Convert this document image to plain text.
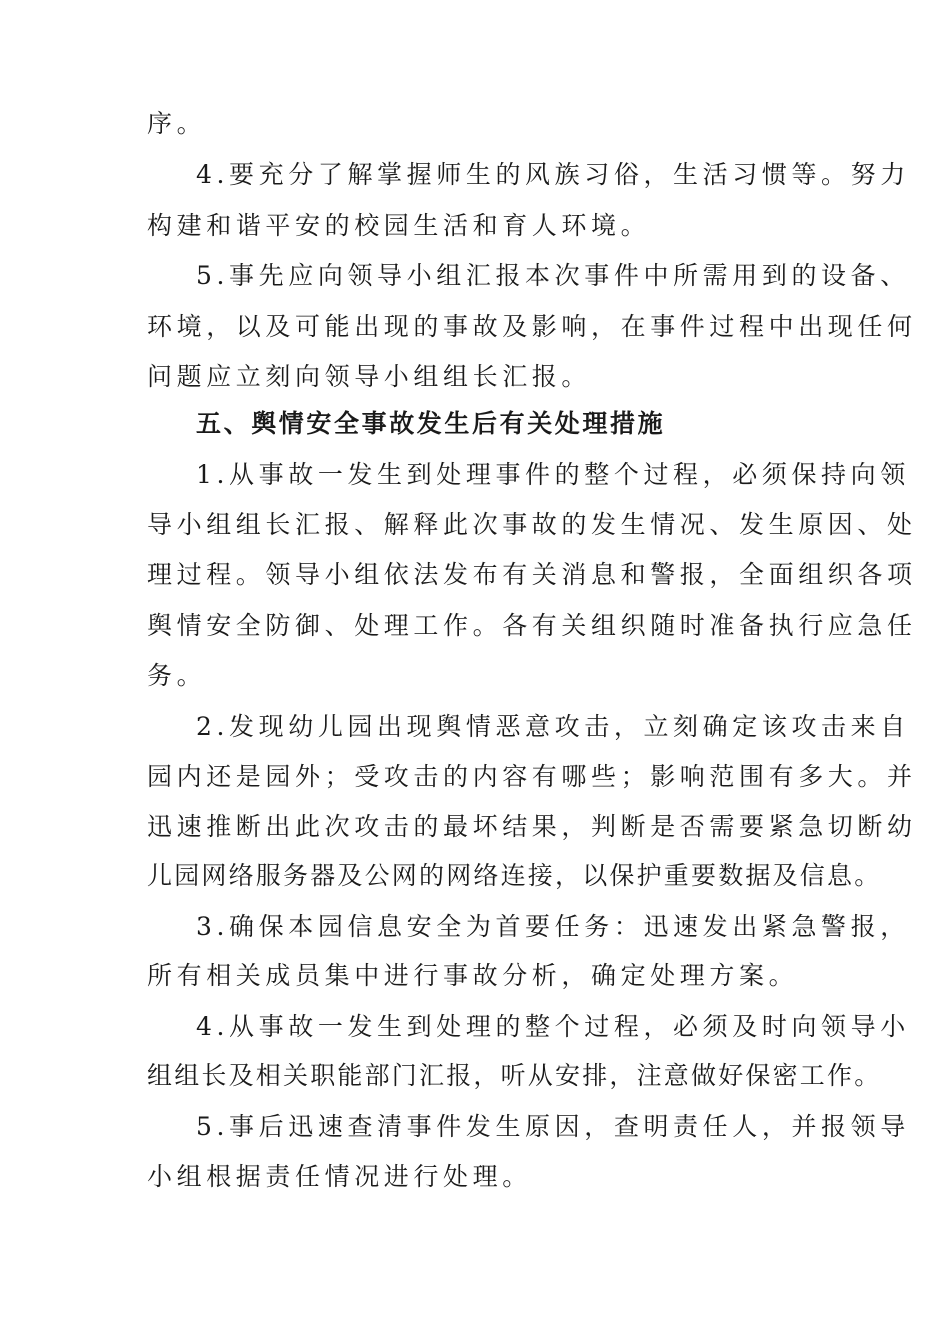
序。
4.要充分了解掌握师生的风族习俗，生活习惯等。努力
构建和谐平安的校园生活和育人环境。
5.事先应向领导小组汇报本次事件中所需用到的设备、
环境，以及可能出现的事故及影响，在事件过程中出现任何
问题应立刻向领导小组组长汇报。
五、舆情安全事故发生后有关处理措施
1.从事故一发生到处理事件的整个过程，必须保持向领
导小组组长汇报、解释此次事故的发生情况、发生原因、处
理过程。领导小组依法发布有关消息和警报，全面组织各项
舆情安全防御、处理工作。各有关组织随时准备执行应急任
务。
2.发现幼儿园出现舆情恶意攻击，立刻确定该攻击来自
园内还是园外；受攻击的内容有哪些；影响范围有多大。并
迅速推断出此次攻击的最坏结果，判断是否需要紧急切断幼
儿园网络服务器及公网的网络连接，以保护重要数据及信息。
3.确保本园信息安全为首要任务：迅速发出紧急警报，
所有相关成员集中进行事故分析，确定处理方案。
4.从事故一发生到处理的整个过程，必须及时向领导小
组组长及相关职能部门汇报，听从安排，注意做好保密工作。
5.事后迅速查清事件发生原因，查明责任人，并报领导
小组根据责任情况进行处理。
